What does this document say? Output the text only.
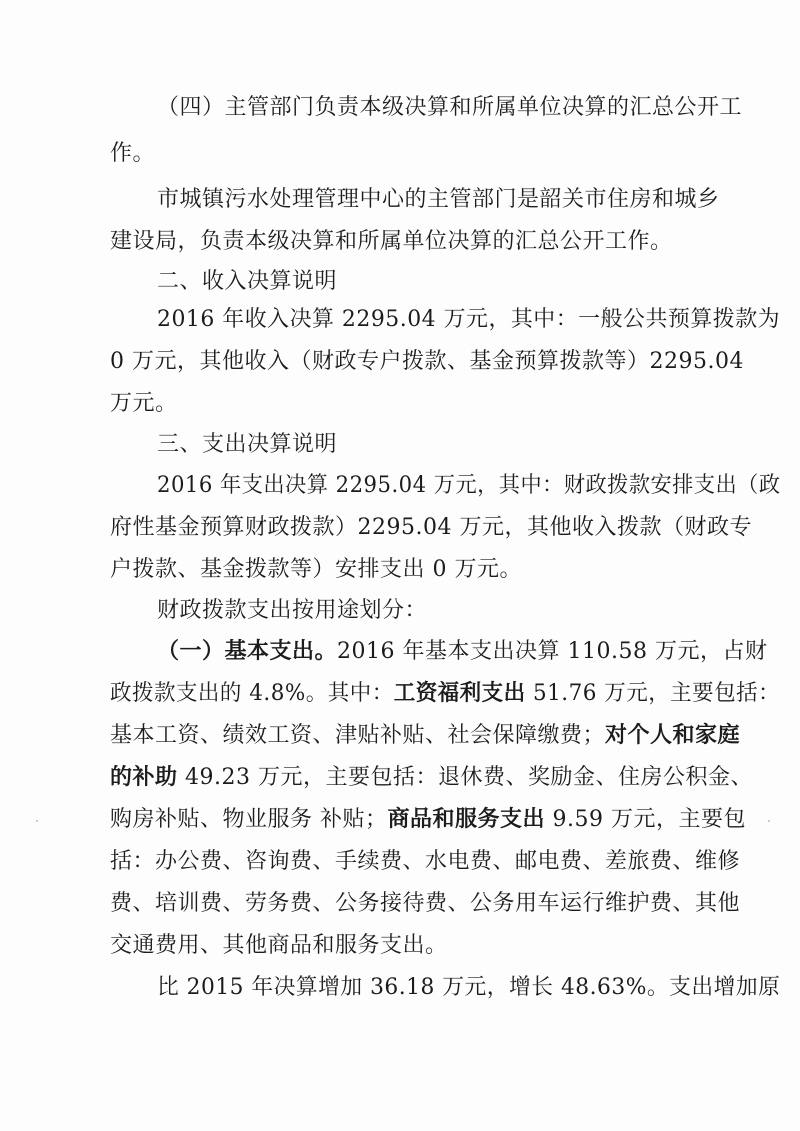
（四）主管部门负责本级决算和所属单位决算的汇总公开工
作。
市城镇污水处理管理中心的主管部门是韶关市住房和城乡
建设局，负责本级决算和所属单位决算的汇总公开工作。
二、收入决算说明
2016 年收入决算 2295.04 万元，其中：一般公共预算拨款为
0 万元，其他收入（财政专户拨款、基金预算拨款等）2295.04
万元。
三、支出决算说明
2016 年支出决算 2295.04 万元，其中：财政拨款安排支出（政
府性基金预算财政拨款）2295.04 万元，其他收入拨款（财政专
户拨款、基金拨款等）安排支出 0 万元。
财政拨款支出按用途划分：
（一）基本支出。2016 年基本支出决算 110.58 万元，占财
政拨款支出的 4.8%。其中：工资福利支出 51.76 万元，主要包括：
基本工资、绩效工资、津贴补贴、社会保障缴费；对个人和家庭
的补助 49.23 万元，主要包括：退休费、奖励金、住房公积金、
购房补贴、物业服务 补贴；商品和服务支出 9.59 万元，主要包
括：办公费、咨询费、手续费、水电费、邮电费、差旅费、维修
费、培训费、劳务费、公务接待费、公务用车运行维护费、其他
交通费用、其他商品和服务支出。
比 2015 年决算增加 36.18 万元，增长 48.63%。支出增加原
